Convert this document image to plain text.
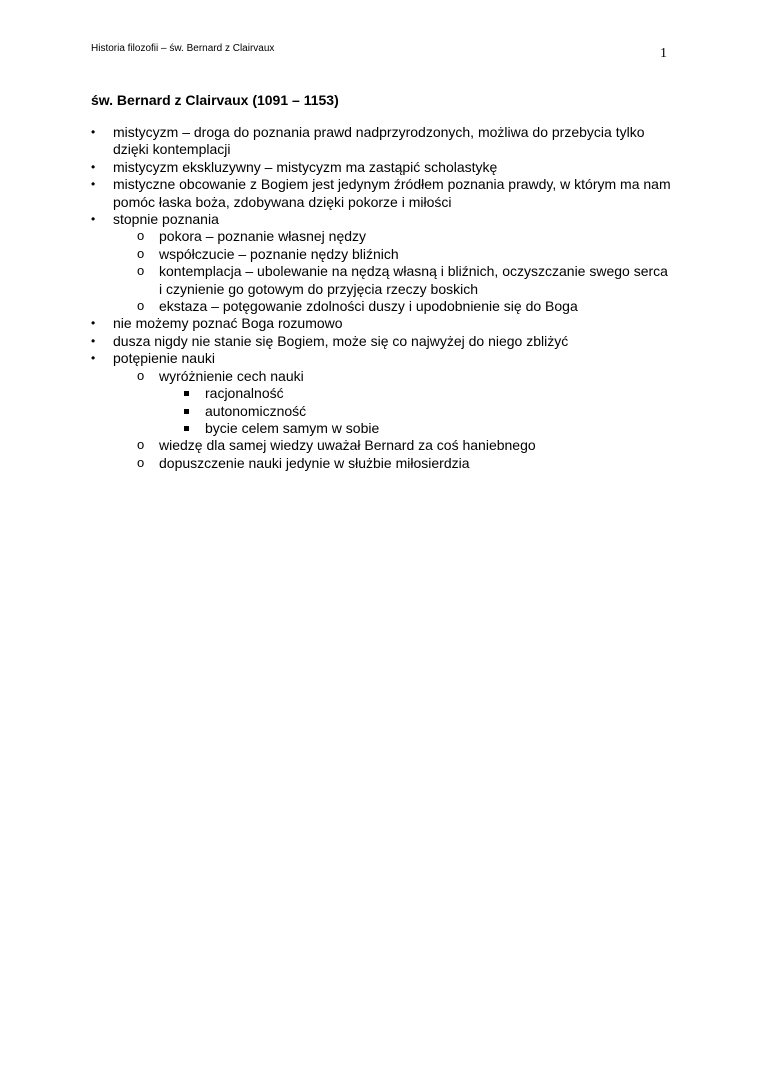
Historia filozofii – św. Bernard z Clairvaux	1
św. Bernard z Clairvaux (1091 – 1153)
•	mistycyzm – droga do poznania prawd nadprzyrodzonych, możliwa do przebycia tylko dzięki kontemplacji
•	mistycyzm ekskluzywny – mistycyzm ma zastąpić scholastykę
•	mistyczne obcowanie z Bogiem jest jedynym źródłem poznania prawdy, w którym ma nam pomóc łaska boża, zdobywana dzięki pokorze i miłości
•	stopnie poznania
o	pokora – poznanie własnej nędzy
o	współczucie – poznanie nędzy bliźnich
o	kontemplacja – ubolewanie na nędzą własną i bliźnich, oczyszczanie swego serca i czynienie go gotowym do przyjęcia rzeczy boskich
o	ekstaza – potęgowanie zdolności duszy i upodobnienie się do Boga
•	nie możemy poznać Boga rozumowo
•	dusza nigdy nie stanie się Bogiem, może się co najwyżej do niego zbliżyć
•	potępienie nauki
o	wyróżnienie cech nauki
racjonalność
autonomiczność
bycie celem samym w sobie
o	wiedzę dla samej wiedzy uważał Bernard za coś haniebnego
o	dopuszczenie nauki jedynie w służbie miłosierdzia
